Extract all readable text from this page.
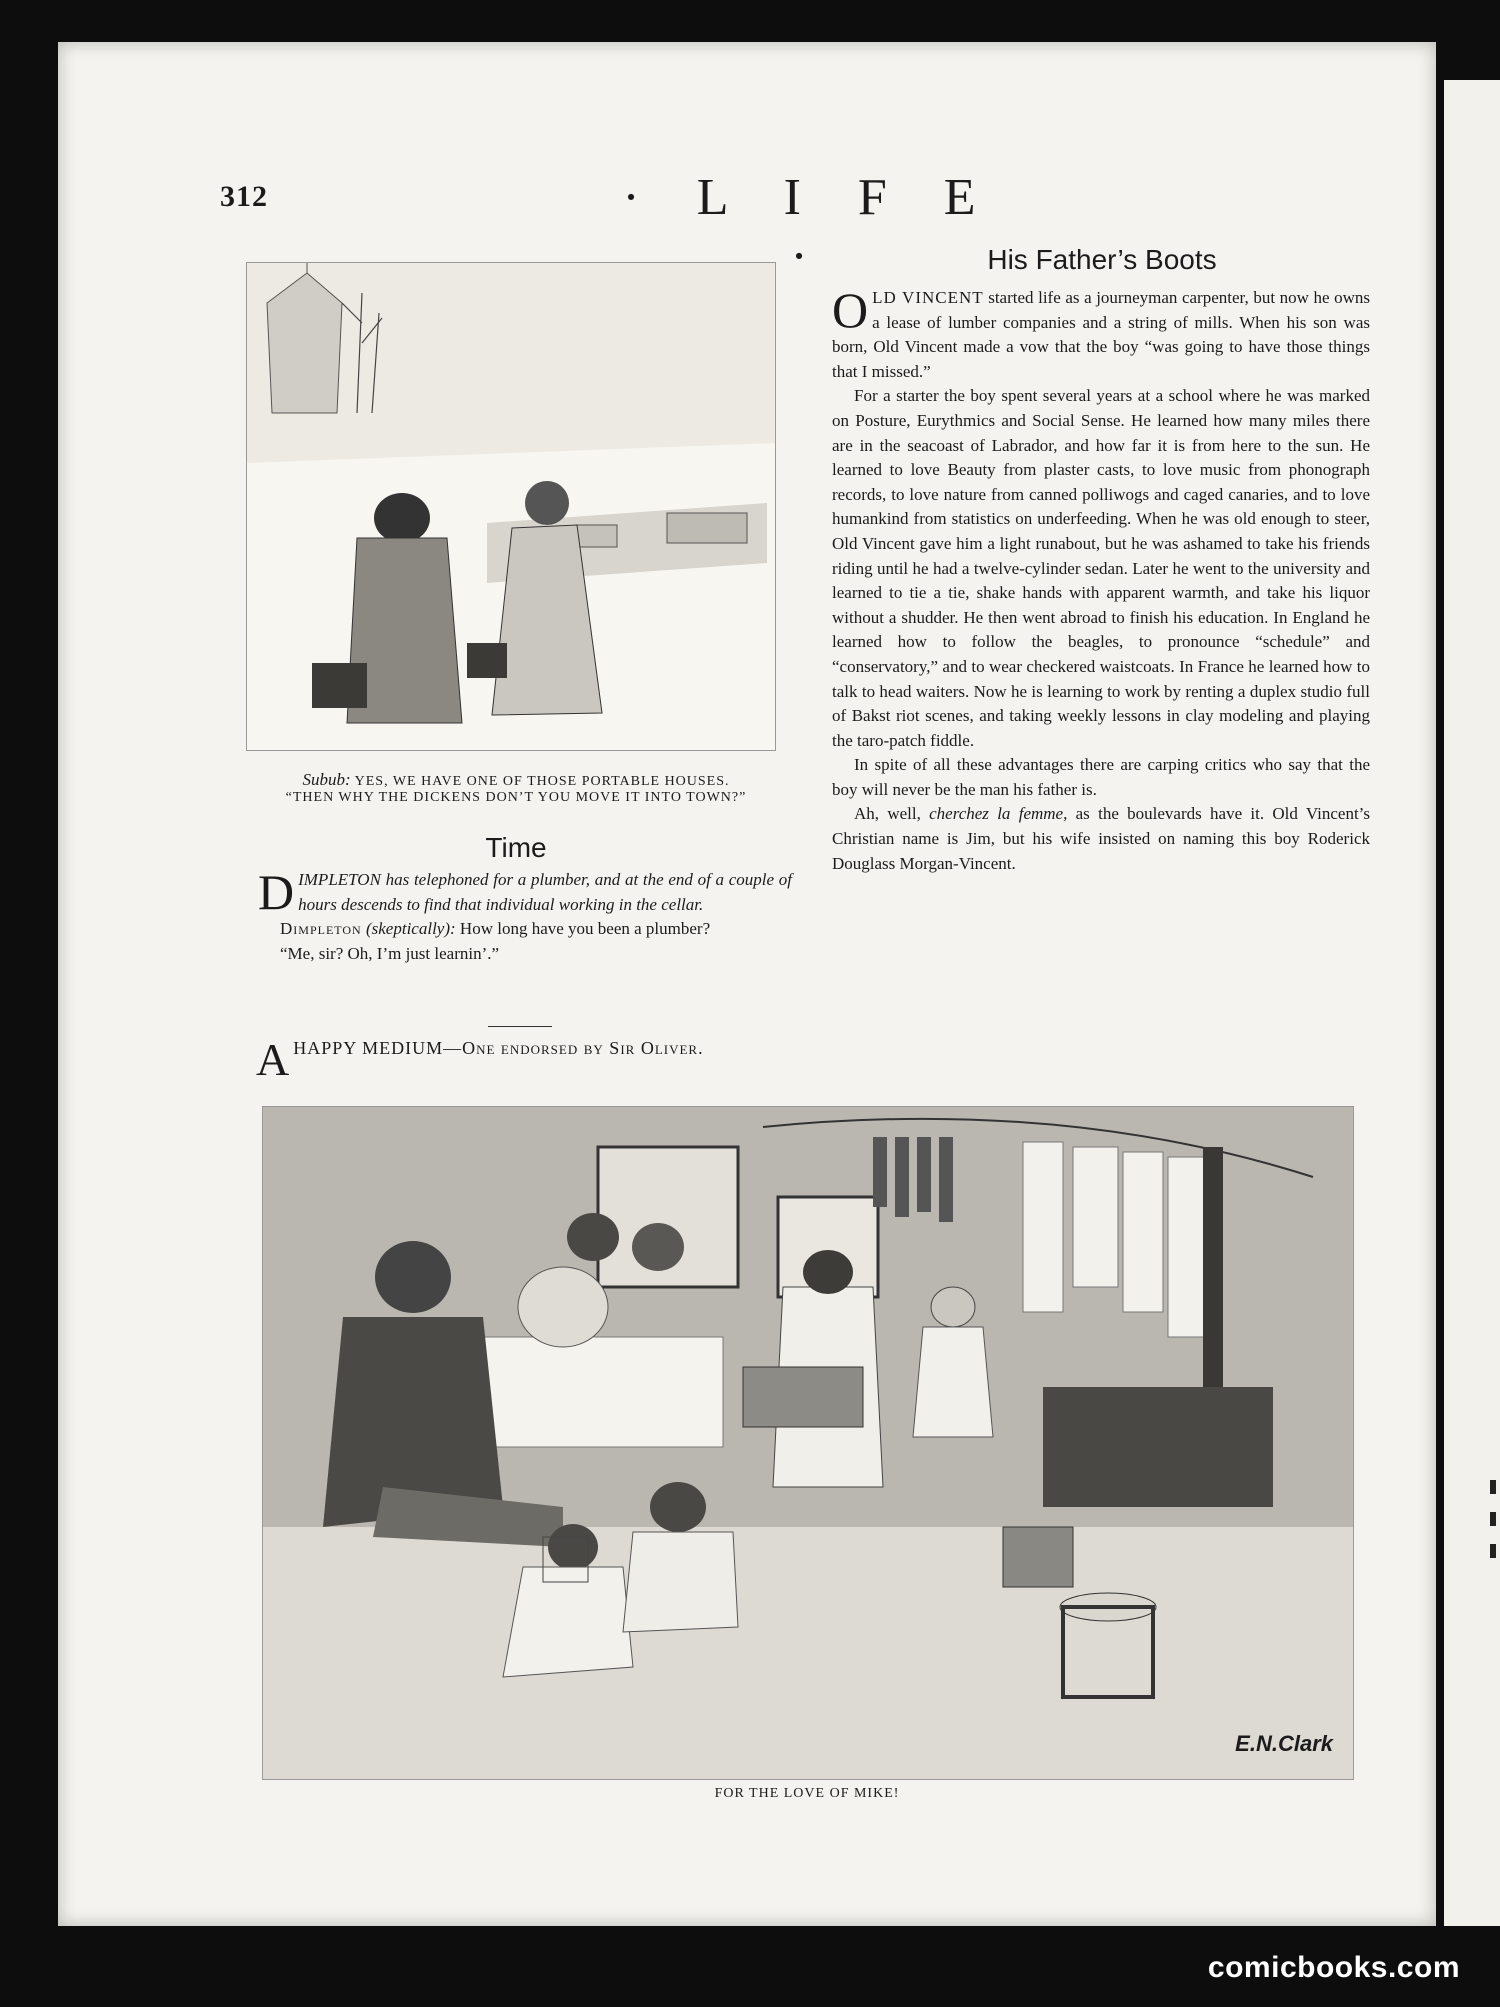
312	· L I F E ·
Subub: YES, WE HAVE ONE OF THOSE PORTABLE HOUSES.
“THEN WHY THE DICKENS DON’T YOU MOVE IT INTO TOWN?”
Time

D IMPLETON has telephoned for a plumber, and at the end of a couple of hours descends to find that individual working in the cellar.

Dimpleton (skeptically): How long have you been a plumber?

“Me, sir? Oh, I’m just learnin’.”

A HAPPY MEDIUM—One endorsed by Sir Oliver.

His Father’s Boots

O LD VINCENT started life as a journeyman carpenter, but now he owns a lease of lumber companies and a string of mills. When his son was born, Old Vincent made a vow that the boy “was going to have those things that I missed.”

For a starter the boy spent several years at a school where he was marked on Posture, Eurythmics and Social Sense. He learned how many miles there are in the seacoast of Labrador, and how far it is from here to the sun. He learned to love Beauty from plaster casts, to love music from phonograph records, to love nature from canned polliwogs and caged canaries, and to love humankind from statistics on underfeeding. When he was old enough to steer, Old Vincent gave him a light runabout, but he was ashamed to take his friends riding until he had a twelve-cylinder sedan. Later he went to the university and learned to tie a tie, shake hands with apparent warmth, and take his liquor without a shudder. He then went abroad to finish his education. In England he learned how to follow the beagles, to pronounce “schedule” and “conservatory,” and to wear checkered waistcoats. In France he learned how to talk to head waiters. Now he is learning to work by renting a duplex studio full of Bakst riot scenes, and taking weekly lessons in clay modeling and playing the taro-patch fiddle.

In spite of all these advantages there are carping critics who say that the boy will never be the man his father is.

Ah, well, cherchez la femme, as the boulevards have it. Old Vincent’s Christian name is Jim, but his wife insisted on naming this boy Roderick Douglass Morgan-Vincent.

E.N.Clark
FOR THE LOVE OF MIKE!
comicbooks.com
